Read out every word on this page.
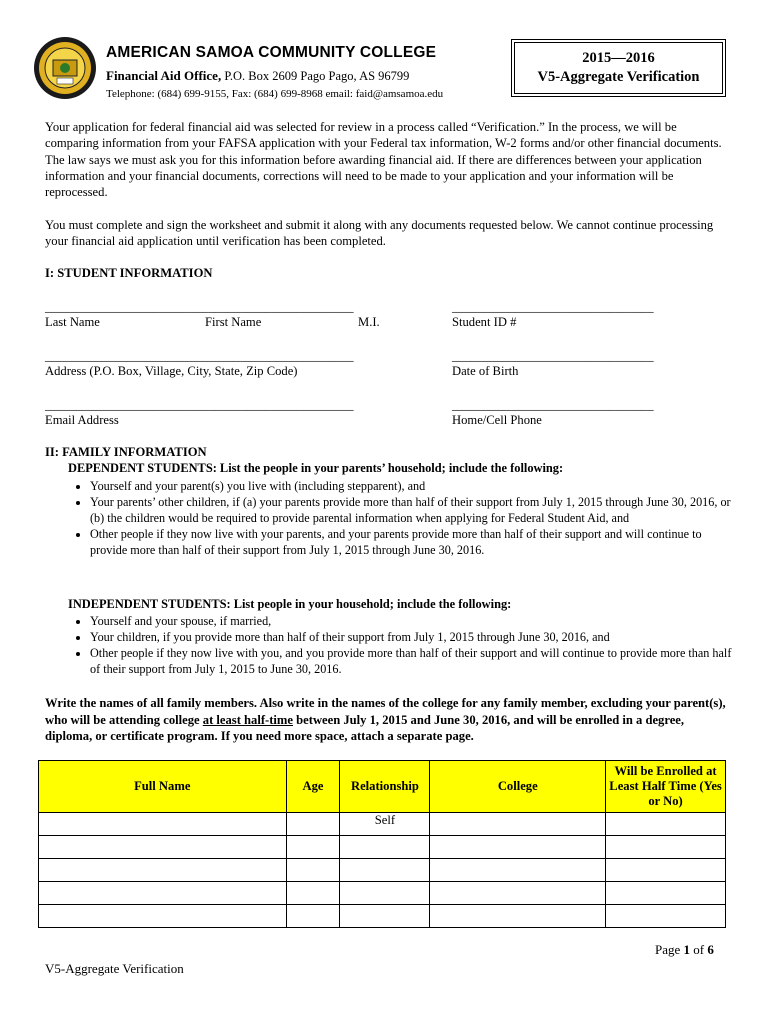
AMERICAN SAMOA COMMUNITY COLLEGE
Financial Aid Office, P.O. Box 2609 Pago Pago, AS 96799
Telephone: (684) 699-9155, Fax: (684) 699-8968 email: faid@amsamoa.edu
2015—2016
V5-Aggregate Verification
Your application for federal financial aid was selected for review in a process called “Verification.” In the process, we will be comparing information from your FAFSA application with your Federal tax information, W-2 forms and/or other financial documents. The law says we must ask you for this information before awarding financial aid. If there are differences between your application information and your financial documents, corrections will need to be made to your application and your information will be reprocessed.
You must complete and sign the worksheet and submit it along with any documents requested below. We cannot continue processing your financial aid application until verification has been completed.
I: STUDENT INFORMATION
_________________________________________________	________________________________
Last Name	First Name	M.I.	Student ID #
_________________________________________________	________________________________
Address (P.O. Box, Village, City, State, Zip Code)	Date of Birth
_________________________________________________	________________________________
Email Address	Home/Cell Phone
II: FAMILY INFORMATION
DEPENDENT STUDENTS: List the people in your parents’ household; include the following:
• Yourself and your parent(s) you live with (including stepparent), and
• Your parents’ other children, if (a) your parents provide more than half of their support from July 1, 2015 through June 30, 2016, or (b) the children would be required to provide parental information when applying for Federal Student Aid, and
• Other people if they now live with your parents, and your parents provide more than half of their support and will continue to provide more than half of their support from July 1, 2015 through June 30, 2016.
INDEPENDENT STUDENTS: List people in your household; include the following:
• Yourself and your spouse, if married,
• Your children, if you provide more than half of their support from July 1, 2015 through June 30, 2016, and
• Other people if they now live with you, and you provide more than half of their support and will continue to provide more than half of their support from July 1, 2015 to June 30, 2016.
Write the names of all family members. Also write in the names of the college for any family member, excluding your parent(s), who will be attending college at least half-time between July 1, 2015 and June 30, 2016, and will be enrolled in a degree, diploma, or certificate program. If you need more space, attach a separate page.
Full Name	Age	Relationship	College	Will be Enrolled at Least Half Time (Yes or No)
		Self		

Page 1 of 6
V5-Aggregate Verification
